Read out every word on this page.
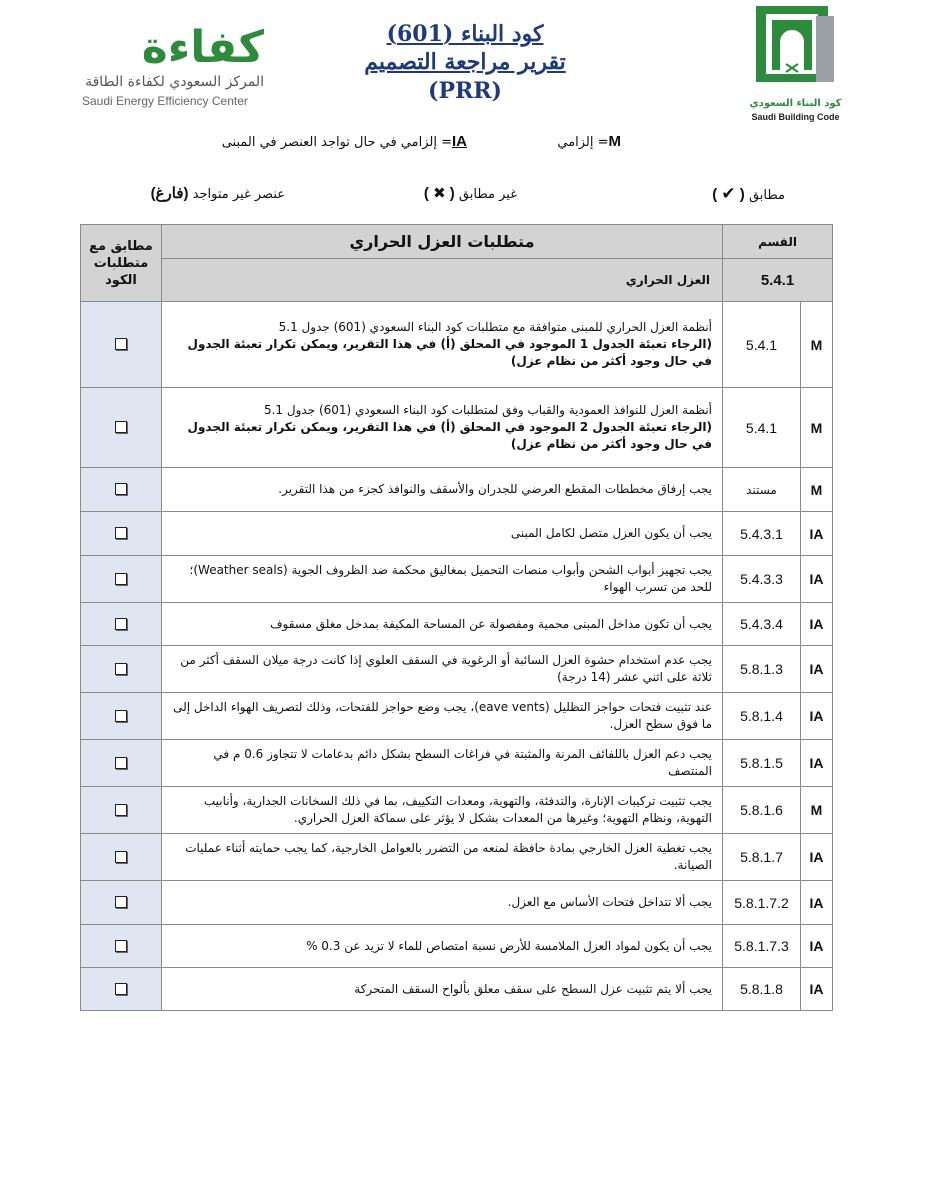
كفاءة
المركز السعودي لكفاءة الطاقة
Saudi Energy Efficiency Center
كود البناء (601)
تقرير مراجعة التصميم
(PRR)	كود البناء السعودي
Saudi Building Code
M= إلزامي
IA= إلزامي في حال تواجد العنصر في المبنى
مطابق ( ✔ )
غير مطابق ( ✖ )
عنصر غير متواجد (فارغ)
مطابق مع متطلبات الكود	متطلبات العزل الحراري	القسم	
	العزل الحراري	5.4.1	
	أنظمة العزل الحراري للمبنى متوافقة مع متطلبات كود البناء السعودي (601) جدول 5.1
(الرجاء تعبئة الجدول 1 الموجود في المحلق (أ) في هذا التقرير، ويمكن تكرار تعبئة الجدول في حال وجود أكثر من نظام عزل)	5.4.1	M
	أنظمة العزل للنوافذ العمودية والقباب وفق لمتطلبات كود البناء السعودي (601) جدول 5.1
(الرجاء تعبئة الجدول 2 الموجود في المحلق (أ) في هذا التقرير، ويمكن تكرار تعبئة الجدول في حال وجود أكثر من نظام عزل)	5.4.1	M
	يجب إرفاق مخططات المقطع العرضي للجدران والأسقف والنوافذ كجزء من هذا التقرير.	مستند	M
	يجب أن يكون العزل متصل لكامل المبنى	5.4.3.1	IA
	يجب تجهيز أبواب الشحن وأبواب منصات التحميل بمغاليق محكمة ضد الظروف الجوية (Weather seals)؛ للحد من تسرب الهواء	5.4.3.3	IA
	يجب أن تكون مداخل المبنى محمية ومفصولة عن المساحة المكيفة بمدخل مغلق مسقوف	5.4.3.4	IA
	يجب عدم استخدام حشوة العزل السائبة أو الرغوية في السقف العلوي إذا كانت درجة ميلان السقف أكثر من ثلاثة على اثني عشر (14 درجة)	5.8.1.3	IA
	عند تثبيت فتحات حواجز التظليل (eave vents)، يجب وضع حواجز للفتحات، وذلك لتصريف الهواء الداخل إلى ما فوق سطح العزل.	5.8.1.4	IA
	يجب دعم العزل باللفائف المرنة والمثبتة في فراغات السطح بشكل دائم بدعامات لا تتجاوز 0.6 م في المنتصف	5.8.1.5	IA
	يجب تثبيت تركيبات الإنارة، والتدفئة، والتهوية، ومعدات التكييف، بما في ذلك السخانات الجدارية، وأنابيب التهوية، ونظام التهوية؛ وغيرها من المعدات بشكل لا يؤثر على سماكة العزل الحراري.	5.8.1.6	M
	يجب تغطية العزل الخارجي بمادة حافظة لمنعه من التضرر بالعوامل الخارجية، كما يجب حمايته أثناء عمليات الصيانة.	5.8.1.7	IA
	يجب ألا تتداخل فتحات الأساس مع العزل.	5.8.1.7.2	IA
	يجب أن يكون لمواد العزل الملامسة للأرض نسبة امتصاص للماء لا تزيد عن 0.3 %	5.8.1.7.3	IA
	يجب ألا يتم تثبيت عزل السطح على سقف معلق بألواح السقف المتحركة	5.8.1.8	IA
